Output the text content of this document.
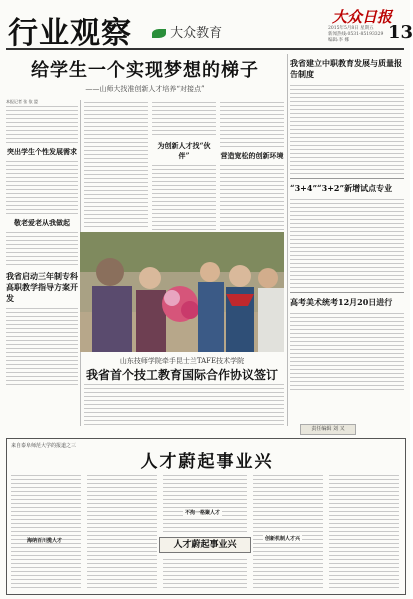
行业观察	大众教育
大众日报
2015年5月8日 星期五
新闻热线:0531-85193329
编辑:李 娜	13
给学生一个实现梦想的梯子
——山师大找准创新人才培养“对接点”
本报记者 张 依 盟
突出学生个性发展需求
敬老爱老从我做起
我省启动三年制专科高职教学指导方案开发
为创新人才找“伙伴”	营造宽松的创新环境
山东技师学院牵手昆士兰TAFE技术学院
我省首个技工教育国际合作协议签订
我省建立中职教育发展与质量报告制度
“3+4”“3+2”新增试点专业
高考美术统考12月20日进行
责任编辑 刘 又
来自泰阜师范大学的报道之三
人才蔚起事业兴
海纳百川揽人才
不拘一格聚人才
人才蔚起事业兴
创新机制人才兴
